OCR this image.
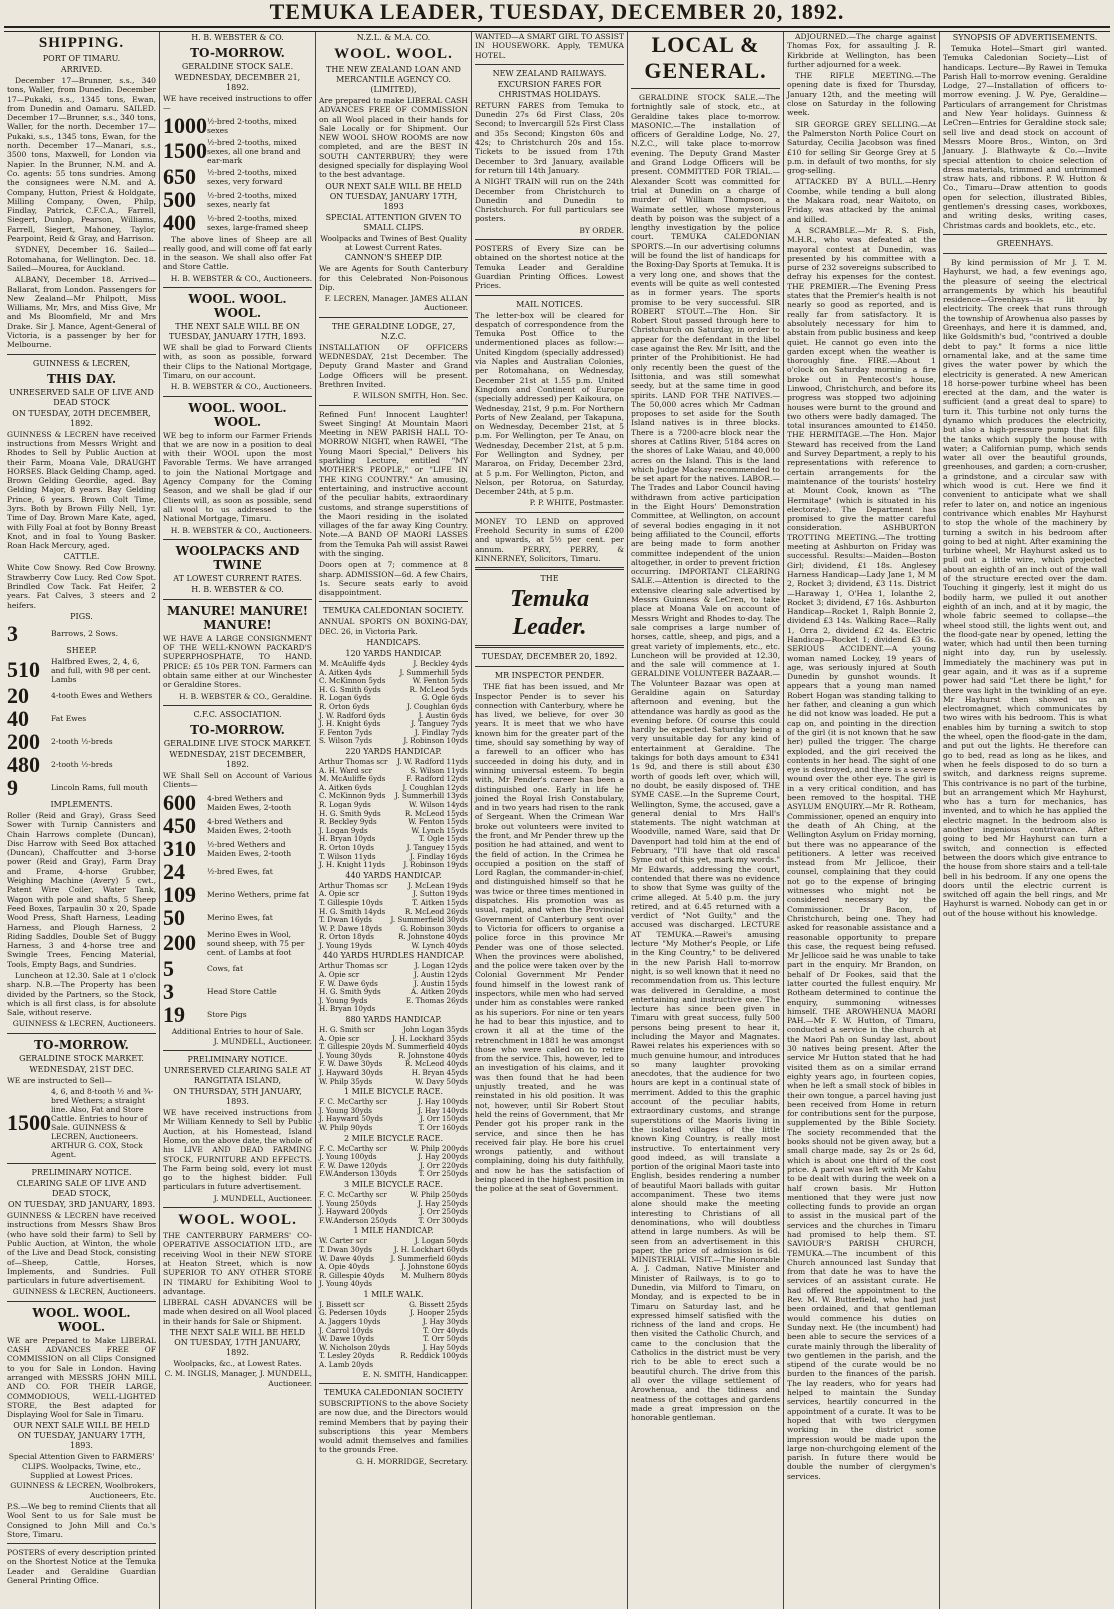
TEMUKA LEADER, TUESDAY, DECEMBER 20, 1892.
SHIPPING.
PORT OF TIMARU.
ARRIVED.
December 17—Brunner, s.s., 340 tons, Waller, from Dunedin. December 17—Pukaki, s.s., 1345 tons, Ewan, from Dunedin and Oamaru. SAILED. December 17—Brunner, s.s., 340 tons, Waller, for the north. December 17—Pukaki, s.s., 1345 tons, Ewan, for the north. December 17—Manari, s.s., 3500 tons, Maxwell, for London via Napier. In the Brunner, N.M. and A. Co. agents: 55 tons sundries. Among the consignees were N.M. and A. Company, Hutton, Priest & Holdgate, Milling Company, Owen, Philp, Findlay, Patrick, C.F.C.A., Farrell, Siegert, Dunlop, Pearson, Williams, Farrell, Siegert, Mahoney, Taylor, Pearpoint, Reid & Gray, and Harrison.
SYDNEY, December 16. Sailed—Rotomahana, for Wellington. Dec. 18. Sailed—Mourea, for Auckland.
ALBANY, December 18. Arrived—Ballarat, from London. Passengers for New Zealand—Mr Philpott, Miss Williams, Mr, Mrs, and Miss Give, Mr and Ms Bloomfield, Mr and Mrs Drake. Sir J. Mance, Agent-General of Victoria, is a passenger by her for Melbourne.
GUINNESS & LECREN,
THIS DAY.
UNRESERVED SALE OF LIVE AND DEAD STOCK
ON TUESDAY, 20TH DECEMBER, 1892.
GUINNESS & LECREN have received instructions from Messrs Wright and Rhodes to Sell by Public Auction at their Farm, Moana Vale, DRAUGHT HORSES. Black Gelding Champ, aged. Brown Gelding Geordie, aged. Bay Gelding Major, 8 years. Bay Gelding Prince, 6 years. Brown Colt Time, 3yrs. Both by Brown Filly Nell, 1yr. Time of Day. Brown Mare Kate, aged, with Filly Foal at foot by Bonny Breast Knot, and in foal to Young Basker. Roan Hack Mercury, aged.
CATTLE.
White Cow Snowy. Red Cow Browny. Strawberry Cow Lucy. Red Cow Spot. Brindled Cow Tack. Fat Heifer, 2 years. Fat Calves, 3 steers and 2 heifers.
PIGS.
3	Barrows, 2 Sows.
SHEEP.
510	Halfbred Ewes, 2, 4, 6, and full, with 98 per cent. Lambs
20	4-tooth Ewes and Wethers
40	Fat Ewes
200	2-tooth ½-breds
480	2-tooth ½-breds
9	Lincoln Rams, full mouth
IMPLEMENTS.
Roller (Reid and Gray), Grass Seed Sower with Turnip Cannisters and Chain Harrows complete (Duncan), Disc Harrow with Seed Box attached (Duncan), Chaffcutter and 3-horse power (Reid and Gray), Farm Dray and Frame, 4-horse Grubber, Weighing Machine (Avery) 5 cwt., Patent Wire Coiler, Water Tank, Wagon with pole and shafts, 5 Sheep Feed Boxes, Tarpaulin 30 x 20, Spade Wood Press, Shaft Harness, Leading Harness, and Plough Harness, 2 Riding Saddles, Double Set of Buggy Harness, 3 and 4-horse tree and Swingle Trees, Fencing Material, Tools, Empty Bags, and Sundries.
Luncheon at 12.30. Sale at 1 o'clock sharp. N.B.—The Property has been divided by the Partners, so the Stock, which is all first class, is for absolute Sale, without reserve.
GUINNESS & LECREN, Auctioneers.
TO-MORROW.
GERALDINE STOCK MARKET.
WEDNESDAY, 21ST DEC.
WE are instructed to Sell—
1500
4, 6, and 8-tooth ½ and ¾-bred Wethers; a straight line. Also, Fat and Store Cattle. Entries to hour of Sale. GUINNESS & LECREN, Auctioneers. ARTHUR G. COX, Stock Agent.
PRELIMINARY NOTICE.
CLEARING SALE OF LIVE AND DEAD STOCK,
ON TUESDAY, 3RD JANUARY, 1893.
GUINNESS & LECREN have received instructions from Messrs Shaw Bros (who have sold their farm) to Sell by Public Auction, at Winton, the whole of the Live and Dead Stock, consisting of—Sheep, Cattle, Horses, Implements, and Sundries. Full particulars in future advertisement.
GUINNESS & LECREN, Auctioneers.
WOOL. WOOL. WOOL.
WE are Prepared to Make LIBERAL CASH ADVANCES FREE OF COMMISSION on all Clips Consigned to you for Sale in London. Having arranged with MESSRS JOHN MILL AND CO. FOR THEIR LARGE, COMMODIOUS, WELL-LIGHTED STORE, the Best adapted for Displaying Wool for Sale in Timaru.
OUR NEXT SALE WILL BE HELD ON TUESDAY, JANUARY 17TH, 1893.
Special Attention Given to FARMERS' CLIPS. Woolpacks, Twine, etc., Supplied at Lowest Prices.
GUINNESS & LECREN, Woolbrokers, Auctioneers, Etc.
P.S.—We beg to remind Clients that all Wool Sent to us for Sale must be Consigned to John Mill and Co.'s Store, Timaru.
POSTERS of every description printed on the Shortest Notice at the Temuka Leader and Geraldine Guardian General Printing Office.
H. B. WEBSTER & CO.
TO-MORROW.
GERALDINE STOCK SALE.
WEDNESDAY, DECEMBER 21, 1892.
WE have received instructions to offer—
1000 ½-bred 2-tooths, mixed sexes
1500 ½-bred 2-tooths, mixed sexes, all one brand and ear-mark
650	½-bred 2-tooths, mixed sexes, very forward
500	½-bred 2-tooths, mixed sexes, nearly fat
400	½-bred 2-tooths, mixed sexes, large-framed sheep
The above lines of Sheep are all really good, and will come off fat early in the season. We shall also offer Fat and Store Cattle.
H. B. WEBSTER & CO., Auctioneers.
WOOL. WOOL. WOOL.
THE NEXT SALE WILL BE ON TUESDAY, JANUARY 17TH, 1893.
WE shall be glad to Forward Clients with, as soon as possible, forward their Clips to the National Mortgage, Timaru, on our account.
H. B. WEBSTER & CO., Auctioneers.
WOOL. WOOL. WOOL.
WE beg to inform our Farmer Friends that we are now in a position to deal with their WOOL upon the most Favorable Terms. We have arranged to join the National Mortgage and Agency Company for the Coming Season, and we shall be glad if our Clients will, as soon as possible, send all wool to us addressed to the National Mortgage, Timaru.
H. B. WEBSTER & CO., Auctioneers.
WOOLPACKS AND TWINE
AT LOWEST CURRENT RATES.
H. B. WEBSTER & CO.
MANURE! MANURE! MANURE!
WE HAVE A LARGE CONSIGNMENT OF THE WELL-KNOWN PACKARD'S SUPERPHOSPHATE, TO HAND. PRICE: £5 10s PER TON. Farmers can obtain same either at our Winchester or Geraldine Stores.
H. B. WEBSTER & CO., Geraldine.
C.F.C. ASSOCIATION.
TO-MORROW.
GERALDINE LIVE STOCK MARKET.
WEDNESDAY, 21ST DECEMBER, 1892.
WE Shall Sell on Account of Various Clients—
600	4-bred Wethers and Maiden Ewes, 2-tooth
450	4-bred Wethers and Maiden Ewes, 2-tooth
310	½-bred Wethers and Maiden Ewes, 2-tooth
24	½-bred Ewes, fat
109	Merino Wethers, prime fat
50	Merino Ewes, fat
200	Merino Ewes in Wool, sound sheep, with 75 per cent. of Lambs at foot
5	Cows, fat
3	Head Store Cattle
19	Store Pigs
Additional Entries to hour of Sale.
J. MUNDELL, Auctioneer.
PRELIMINARY NOTICE.
UNRESERVED CLEARING SALE AT RANGITATA ISLAND,
ON THURSDAY, 5TH JANUARY, 1893.
WE have received instructions from Mr William Kennedy to Sell by Public Auction, at his Homestead, Island Home, on the above date, the whole of his LIVE AND DEAD FARMING STOCK, FURNITURE AND EFFECTS. The Farm being sold, every lot must go to the highest bidder. Full particulars in future advertisement.
J. MUNDELL, Auctioneer.
WOOL. WOOL.
THE CANTERBURY FARMERS' CO-OPERATIVE ASSOCIATION LTD., are receiving Wool in their NEW STORE at Heaton Street, which is now SUPERIOR TO ANY OTHER STORE IN TIMARU for Exhibiting Wool to advantage.
LIBERAL CASH ADVANCES will be made when desired on all Wool placed in their hands for Sale or Shipment.
THE NEXT SALE WILL BE HELD ON TUESDAY, 17TH JANUARY, 1892.
Woolpacks, &c., at Lowest Rates.
C. M. INGLIS, Manager, J. MUNDELL, Auctioneer.
N.Z.L. & M.A. CO.
WOOL. WOOL.
THE NEW ZEALAND LOAN AND MERCANTILE AGENCY CO. (LIMITED),
Are prepared to make LIBERAL CASH ADVANCES FREE OF COMMISSION on all Wool placed in their hands for Sale Locally or for Shipment. Our NEW WOOL SHOW ROOMS are now completed, and are the BEST IN SOUTH CANTERBURY; they were designed specially for displaying Wool to the best advantage.
OUR NEXT SALE WILL BE HELD ON TUESDAY, JANUARY 17TH, 1893
SPECIAL ATTENTION GIVEN TO SMALL CLIPS.
Woolpacks and Twines of Best Quality at Lowest Current Rates.
CANNON'S SHEEP DIP.
We are Agents for South Canterbury for this Celebrated Non-Poisonous Dip.
F. LECREN, Manager. JAMES ALLAN Auctioneer.
THE GERALDINE LODGE, 27, N.Z.C.
INSTALLATION OF OFFICERS WEDNESDAY, 21st December. The Deputy Grand Master and Grand Lodge Officers will be present. Brethren Invited.
F. WILSON SMITH, Hon. Sec.
Refined Fun! Innocent Laughter! Sweet Singing! At Mountain Maori Meeting in NEW PARISH HALL TO-MORROW NIGHT, when RAWEI, "The Young Maori Special," Delivers his sparkling Lecture, entitled "MY MOTHER'S PEOPLE," or "LIFE IN THE KING COUNTRY." An amusing, entertaining, and instructive account of the peculiar habits, extraordinary customs, and strange superstitions of the Maori residing in the isolated villages of the far away King Country. Note.—A BAND OF MAORI LASSES from the Temuka Pah will assist Rawei with the singing.
Doors open at 7; commence at 8 sharp. ADMISSION—6d. A few Chairs, 1s. Secure seats early to avoid disappointment.
TEMUKA CALEDONIAN SOCIETY.
ANNUAL SPORTS ON BOXING-DAY, DEC. 26, in Victoria Park.
HANDICAPS.
120 YARDS HANDICAP.
M. McAuliffe 4yds	J. Beckley 4yds
A. Aitken 4yds	J. Summerhill 5yds
C. McKinnon 5yds	W. Fenton 5yds
H. G. Smith 6yds	R. McLeod 5yds
R. Logan 6yds	G. Ogle 6yds
R. Orton 6yds	J. Coughlan 6yds
J. W. Radford 6yds	J. Austin 6yds
J. H. Knight 6yds	J. Tanguey 7yds
F. Fenton 7yds	J. Findlay 7yds
S. Wilson 7yds	J. Robinson 10yds
220 YARDS HANDICAP.
Arthur Thomas scr J. W. Radford 11yds
A. H. Ward scr	S. Wilson 11yds
M. McAuliffe 6yds	F. Radford 12yds
A. Aitken 6yds	J. Coughlan 12yds
C. McKinnon 9yds J. Summerhill 13yds
R. Logan 9yds	W. Wilson 14yds
H. G. Smith 9yds	R. McLeod 15yds
R. Beckley 9yds	W. Fenton 15yds
J. Logan 9yds	W. Lynch 15yds
H. Bryan 10yds	T. Ogle 15yds
R. Orton 10yds	J. Tanguey 15yds
T. Wilson 11yds	J. Findlay 16yds
J. H. Knight 11yds	J. Robinson 19yds
440 YARDS HANDICAP.
Arthur Thomas scr	J. McLean 19yds
A. Opie scr	J. Sutton 19yds
T. Gillespie 10yds	T. Aitken 15yds
H. G. Smith 14yds	R. McLeod 26yds
T. Dwan 16yds	J. Summerfield 30yds
W. P. Dawe 18yds	G. Robinson 30yds
R. Orton 18yds	R. Johnstone 40yds
J. Young 19yds	W. Lynch 40yds
440 YARDS HURDLES HANDICAP.
Arthur Thomas scr	J. Logan 12yds
A. Opie scr	J. Austin 12yds
F. W. Dawe 6yds	J. Austin 15yds
H. G. Smith 9yds	A. Aitken 20yds
J. Young 9yds	E. Thomas 26yds
H. Bryan 10yds
880 YARDS HANDICAP.
H. G. Smith scr	John Logan 35yds
A. Opie scr	J. H. Lockhard 35yds
T. Gillespie 20yds M. Summerfield 40yds
J. Young 30yds	R. Johnstone 40yds
F. W. Dawe 30yds	R. McLeod 40yds
J. Hayward 30yds	H. Bryan 45yds
W. Philp 35yds	W. Davy 50yds
1 MILE BICYCLE RACE.
F. C. McCarthy scr	J. Hay 100yds
J. Young 30yds	J. Hay 140yds
J. Hayward 50yds	J. Orr 150yds
W. Philp 90yds	T. Orr 160yds
2 MILE BICYCLE RACE.
F. C. McCarthy scr	W. Philp 200yds
J. Young 100yds	J. Hay 200yds
F. W. Dawe 120yds	J. Orr 220yds
F.W.Anderson 130yds	T. Orr 250yds
3 MILE BICYCLE RACE.
F. C. McCarthy scr	W. Philp 250yds
J. Young 250yds	J. Hay 250yds
J. Hayward 200yds	J. Orr 250yds
F.W.Anderson 250yds	T. Orr 300yds
1 MILE HANDICAP.
W. Carter scr	J. Logan 50yds
T. Dwan 30yds	J. H. Lockhart 60yds
W. Dawe 40yds J. Summerfield 60yds
A. Opie 40yds	J. Johnstone 60yds
R. Gillespie 40yds M. Mulhern 80yds
J. Young 40yds
1 MILE WALK.
J. Bissett scr	G. Bissett 25yds
G. Pedersen 10yds	J. Hooper 25yds
A. Jaggers 10yds	J. Hay 30yds
J. Carrol 10yds	T. Orr 40yds
W. Dawe 10yds	T. Orr 50yds
W. Nicholson 20yds	J. Hay 50yds
T. Lesley 20yds	R. Reddick 100yds
A. Lamb 20yds
E. N. SMITH, Handicapper.
TEMUKA CALEDONIAN SOCIETY
SUBSCRIPTIONS to the above Society are now due, and the Directors would remind Members that by paying their subscriptions this year Members would admit themselves and families to the grounds Free.
G. H. MORRIDGE, Secretary.
WANTED—A SMART GIRL TO ASSIST IN HOUSEWORK. Apply, TEMUKA HOTEL.
NEW ZEALAND RAILWAYS.
EXCURSION FARES FOR CHRISTMAS HOLIDAYS.
RETURN FARES from Temuka to Dunedin 27s 6d First Class, 20s Second; to Invercargill 52s First Class and 35s Second; Kingston 60s and 42s; to Christchurch 20s and 15s. Tickets to be issued from 17th December to 3rd January, available for return till 14th January.
A NIGHT TRAIN will run on the 24th December from Christchurch to Dunedin and Dunedin to Christchurch. For full particulars see posters.
BY ORDER.
POSTERS of Every Size can be obtained on the shortest notice at the Temuka Leader and Geraldine Guardian Printing Offices. Lowest Prices.
MAIL NOTICES.
The letter-box will be cleared for despatch of correspondence from the Temuka Post Office to the undermentioned places as follow:—United Kingdom (specially addressed) via Naples and Australian Colonies, per Rotomahana, on Wednesday, December 21st at 1.55 p.m. United Kingdom and Continent of Europe (specially addressed) per Kaikoura, on Wednesday, 21st, 9 p.m. For Northern Ports of New Zealand, per Takapuna, on Wednesday, December 21st, at 5 p.m. For Wellington, per Te Anau, on Wednesday, December 21st, at 5 p.m. For Wellington and Sydney, per Mararoa, on Friday, December 23rd, at 5 p.m. For Wellington, Picton, and Nelson, per Rotorua, on Saturday, December 24th, at 5 p.m.
P. P. WHITE, Postmaster.
MONEY TO LEND on approved Freehold Security in sums of £200 and upwards, at 5½ per cent. per annum. PERRY, PERRY, & KINNERNEY, Solicitors, Timaru.
THE
Temuka Leader.
TUESDAY, DECEMBER 20, 1892.
MR INSPECTOR PENDER.
THE fiat has been issued, and Mr Inspector Pender is to sever his connection with Canterbury, where he has lived, we believe, for over 30 years. It is meet that we who have known him for the greater part of the time, should say something by way of a farewell to an officer who has succeeded in doing his duty, and in winning universal esteem. To begin with, Mr Pender's career has been a distinguished one. Early in life he joined the Royal Irish Constabulary, and in two years had risen to the rank of Sergeant. When the Crimean War broke out volunteers were invited to the front, and Mr Pender threw up the position he had attained, and went to the field of action. In the Crimea he occupied a position on the staff of Lord Raglan, the commander-in-chief, and distinguished himself so that he was twice or three times mentioned in dispatches. His promotion was as usual, rapid, and when the Provincial Government of Canterbury sent over to Victoria for officers to organise a police force in this province Mr Pender was one of those selected. When the provinces were abolished, and the police were taken over by the Colonial Government Mr Pender found himself in the lowest rank of inspectors, while men who had served under him as constables were ranked as his superiors. For nine or ten years he had to bear this injustice, and to crown it all at the time of the retrenchment in 1881 he was amongst those who were called on to retire from the service. This, however, led to an investigation of his claims, and it was then found that he had been unjustly treated, and he was reinstated in his old position. It was not, however, until Sir Robert Stout held the reins of Government, that Mr Pender got his proper rank in the service, and since then he has received fair play. He bore his cruel wrongs patiently, and without complaining, doing his duty faithfully, and now he has the satisfaction of being placed in the highest position in the police at the seat of Government.
LOCAL & GENERAL.
GERALDINE STOCK SALE.—The fortnightly sale of stock, etc., at Geraldine takes place to-morrow. MASONIC.—The installation of officers of Geraldine Lodge, No. 27, N.Z.C., will take place to-morrow evening. The Deputy Grand Master and Grand Lodge Officers will be present. COMMITTED FOR TRIAL.—Alexander Scott was committed for trial at Dunedin on a charge of murder of William Thompson, a Waimate settler, whose mysterious death by poison was the subject of a lengthy investigation by the police court. TEMUKA CALEDONIAN SPORTS.—In our advertising columns will be found the list of handicaps for the Boxing-Day Sports at Temuka. It is a very long one, and shows that the events will be quite as well contested as in former years. The sports promise to be very successful. SIR ROBERT STOUT.—The Hon. Sir Robert Stout passed through here to Christchurch on Saturday, in order to appear for the defendant in the libel case against the Rev. Mr Isitt, and the printer of the Prohibitionist. He had only recently been the guest of the Isittonia, and was still somewhat seedy, but at the same time in good spirits. LAND FOR THE NATIVES.—The 50,000 acres which Mr Cadman proposes to set aside for the South Island natives is in three blocks. There is a 7200-acre block near the shores at Catlins River, 5184 acres on the shores of Lake Waiau, and 40,000 acres on the Island. This is the land which Judge Mackay recommended to be set apart for the natives. LABOR.—The Trades and Labor Council having withdrawn from active participation in the Eight Hours' Demonstration Committee, at Wellington, on account of several bodies engaging in it not being affiliated to the Council, efforts are being made to form another committee independent of the union altogether, in order to prevent friction occurring. IMPORTANT CLEARING SALE.—Attention is directed to the extensive clearing sale advertised by Messrs Guinness & LeCren, to take place at Moana Vale on account of Messrs Wright and Rhodes to-day. The sale comprises a large number of horses, cattle, sheep, and pigs, and a great variety of implements, etc., etc. Luncheon will be provided at 12.30, and the sale will commence at 1. GERALDINE VOLUNTEER BAZAAR.—The Volunteer Bazaar was open at Geraldine again on Saturday afternoon and evening, but the attendance was hardly as good as the evening before. Of course this could hardly be expected. Saturday being a very unsuitable day for any kind of entertainment at Geraldine. The takings for both days amount to £341 1s 9d, and there is still about £30 worth of goods left over, which will, no doubt, be easily disposed of. THE SYME CASE.—In the Supreme Court, Wellington, Syme, the accused, gave a general denial to Mrs Hall's statements. The night watchman at Woodville, named Ware, said that Dr Davenport had told him at the end of February, "I'll have that old rascal Syme out of this yet, mark my words." Mr Edwards, addressing the court, contended that there was no evidence to show that Syme was guilty of the crime alleged. At 5.40 p.m. the jury retired, and at 6.45 returned with a verdict of "Not Guilty," and the accused was discharged. LECTURE AT TEMUKA.—Rawei's amusing lecture "My Mother's People, or Life in the King Country," to be delivered in the new Parish Hall to-morrow night, is so well known that it need no recommendation from us. This lecture was delivered in Geraldine, a most entertaining and instructive one. The lecture has since been given in Timaru with great success, fully 500 persons being present to hear it, including the Mayor and Magnates. Rawei relates his experiences with so much genuine humour, and introduces so many laughter provoking anecdotes, that the audience for two hours are kept in a continual state of merriment. Added to this the graphic account of the peculiar habits, extraordinary customs, and strange superstitions of the Maoris living in the isolated villages of the little known King Country, is really most instructive. To entertainment very good indeed, as will translate a portion of the original Maori taste into English, besides rendering a number of beautiful Maori ballads with guitar accompaniment. These two items alone should make the meeting interesting to Christians of all denominations, who will doubtless attend in large numbers. As will be seen from an advertisement in this paper, the price of admission is 6d. MINISTERIAL VISIT.—The Honorable A. J. Cadman, Native Minister and Minister of Railways, is to go to Dunedin, via Milford to Timaru, on Monday, and is expected to be in Timaru on Saturday last, and he expressed himself satisfied with the richness of the land and crops. He then visited the Catholic Church, and came to the conclusion that the Catholics in the district must be very rich to be able to erect such a beautiful church. The drive from this all over the village settlement of Arowhenua, and the tidiness and neatness of the cottages and gardens made a great impression on the honorable gentleman.
ADJOURNED.—The charge against Thomas Fox, for assaulting J. R. Kirkbride at Wellington, has been further adjourned for a week.
THE RIFLE MEETING.—The opening date is fixed for Thursday, January 12th, and the meeting will close on Saturday in the following week.
SIR GEORGE GREY SELLING.—At the Palmerston North Police Court on Saturday, Cecilia Jacobson was fined £10 for selling Sir George Grey at 5 p.m. in default of two months, for sly grog-selling.
ATTACKED BY A BULL.—Henry Coombe, while tending a bull along the Makara road, near Waitoto, on Friday, was attacked by the animal and killed.
A SCRAMBLE.—Mr R. S. Fish, M.H.R., who was defeated at the mayoral contest at Dunedin, was presented by his committee with a purse of 232 sovereigns subscribed to defray his expenses for the contest. THE PREMIER.—The Evening Press states that the Premier's health is not nearly so good as reported, and is really far from satisfactory. It is absolutely necessary for him to abstain from public business and keep quiet. He cannot go even into the garden except when the weather is thoroughly fine. FIRE.—About 1 o'clock on Saturday morning a fire broke out in Pentecost's house, Linwood, Christchurch, and before its progress was stopped two adjoining houses were burnt to the ground and two others were badly damaged. The total insurances amounted to £1450. THE HERMITAGE.—The Hon. Major Steward has received from the Land and Survey Department, a reply to his representations with reference to certain arrangements for the maintenance of the tourists' hostelry at Mount Cook, known as "The Hermitage" (which is situated in his electorate). The Department has promised to give the matter careful consideration. ASHBURTON TROTTING MEETING.—The trotting meeting at Ashburton on Friday was successful. Results:—Maiden—Boston Girl; dividend, £1 18s. Anglesey Harness Handicap—Lady Jane 1, M M 2, Rocket 3; dividend, £3 11s. District—Haraway 1, O'Hea 1, Iolanthe 2, Rocket 3; dividend, £7 16s. Ashburton Handicap—Rocket 1, Ralph Bonnie 2, dividend £3 14s. Walking Race—Rally 1, Orra 2, dividend £2 4s. Electric Handicap—Rocket 1; dividend £3 6s. SERIOUS ACCIDENT.—A young woman named Lockey, 19 years of age, was seriously injured at South Dunedin by gunshot wounds. It appears that a young man named Robert Hogan was standing talking to her father, and cleaning a gun which he did not know was loaded. He put a cap on, and pointing in the direction of the girl (it is not known that he saw her) pulled the trigger. The charge exploded, and the girl received the contents in her head. The sight of one eye is destroyed, and there is a severe wound over the other eye. The girl is in a very critical condition, and has been removed to the hospital. THE ASYLUM ENQUIRY.—Mr R. Rotheam, Commissioner, opened an enquiry into the death of Ah Ching, at the Wellington Asylum on Friday morning, but there was no appearance of the petitioners. A letter was received instead from Mr Jellicoe, their counsel, complaining that they could not go to the expense of bringing witnesses who might not be considered necessary by the Commissioner. Dr Bacon, of Christchurch, being one. They had asked for reasonable assistance and a reasonable opportunity to prepare this case, the request being refused. Mr Jellicoe said he was unable to take part in the enquiry. Mr Brandon, on behalf of Dr Fookes, said that the latter courted the fullest enquiry. Mr Rotheam determined to continue the enquiry, summoning witnesses himself. THE AROWHENUA MAORI PAH.—Mr F. W. Hutton, of Timaru, conducted a service in the church at the Maori Pah on Sunday last, about 30 natives being present. After the service Mr Hutton stated that he had visited them as on a similar errand eighty years ago, in fourteen copies, when he left a small stock of bibles in their own tongue, a parcel having just been received from Home in return for contributions sent for the purpose, supplemented by the Bible Society. The society recommended that the books should not be given away, but a small charge made, say 2s or 2s 6d, which is about one third of the cost price. A parcel was left with Mr Kahu to be dealt with during the week on a half crown basis. Mr Hutton mentioned that they were just now collecting funds to provide an organ to assist in the musical part of the services and the churches in Timaru had promised to help them. ST. SAVIOUR'S PARISH CHURCH, TEMUKA.—The incumbent of this Church announced last Sunday that from that date he was to have the services of an assistant curate. He had offered the appointment to the Rev. M. W. Butterfield, who had just been ordained, and that gentleman would commence his duties on Sunday next. He (the incumbent) had been able to secure the services of a curate mainly through the liberality of two gentlemen in the parish, and the stipend of the curate would be no burden to the finances of the parish. The lay readers, who for years had helped to maintain the Sunday services, heartily concurred in the appointment of a curate. It was to be hoped that with two clergymen working in the district some impression would be made upon the large non-churchgoing element of the parish. In future there would be double the number of clergymen's services.
SYNOPSIS OF ADVERTISEMENTS.
Temuka Hotel—Smart girl wanted. Temuka Caledonian Society—List of handicaps. Lecture—By Rawei in Temuka Parish Hall to-morrow evening. Geraldine Lodge, 27—Installation of officers to-morrow evening. J. W. Pye, Geraldine—Particulars of arrangement for Christmas and New Year holidays. Guinness & LeCren—Entries for Geraldine stock sale; sell live and dead stock on account of Messrs Moore Bros., Winton, on 3rd January. J. Blathwayte & Co.—Invite special attention to choice selection of dress materials, trimmed and untrimmed straw hats, and ribbons. P. W. Hutton & Co., Timaru—Draw attention to goods open for selection, illustrated Bibles, gentlemen's dressing cases, workboxes, and writing desks, writing cases, Christmas cards and booklets, etc., etc.
GREENHAYS.
By kind permission of Mr J. T. M. Hayhurst, we had, a few evenings ago, the pleasure of seeing the electrical arrangements by which his beautiful residence—Greenhays—is lit by electricity. The creek that runs through the township of Arowhenua also passes by Greenhays, and here it is dammed, and, like Goldsmith's bud, "contrived a double debt to pay." It forms a nice little ornamental lake, and at the same time gives the water power by which the electricity is generated. A new American 18 horse-power turbine wheel has been erected at the dam, and the water is sufficient (and a great deal to spare) to turn it. This turbine not only turns the dynamo which produces the electricity, but also a high-pressure pump that fills the tanks which supply the house with water; a Californian pump, which sends water all over the beautiful grounds, greenhouses, and garden; a corn-crusher, a grindstone, and a circular saw with which wood is cut. Here we find it convenient to anticipate what we shall refer to later on, and notice an ingenious contrivance which enables Mr Hayhurst to stop the whole of the machinery by turning a switch in his bedroom after going to bed at night. After examining the turbine wheel, Mr Hayhurst asked us to pull out a little wire, which projected about an eighth of an inch out of the wall of the structure erected over the dam. Touching it gingerly, lest it might do us bodily harm, we pulled it out another eighth of an inch, and at it by magic, the whole fabric seemed to collapse—the wheel stood still, the lights went out, and the flood-gate near by opened, letting the water, which had until then been turning night into day, run by uselessly. Immediately the machinery was put in gear again, and it was as if a supreme power had said "Let there be light," for there was light in the twinkling of an eye. Mr Hayhurst then showed us an electromagnet, which communicates by two wires with his bedroom. This is what enables him by turning a switch to stop the wheel, open the flood-gate in the dam, and put out the lights. He therefore can go to bed, read as long as he likes, and when he feels disposed to do so turn a switch, and darkness reigns supreme. This contrivance is no part of the turbine, but an arrangement which Mr Hayhurst, who has a turn for mechanics, has invented, and to which he has applied the electric magnet. In the bedroom also is another ingenious contrivance. After going to bed Mr Hayhurst can turn a switch, and connection is effected between the doors which give entrance to the house from shore stairs and a tell-tale bell in his bedroom. If any one opens the doors until the electric current is switched off again the bell rings, and Mr Hayhurst is warned. Nobody can get in or out of the house without his knowledge.
